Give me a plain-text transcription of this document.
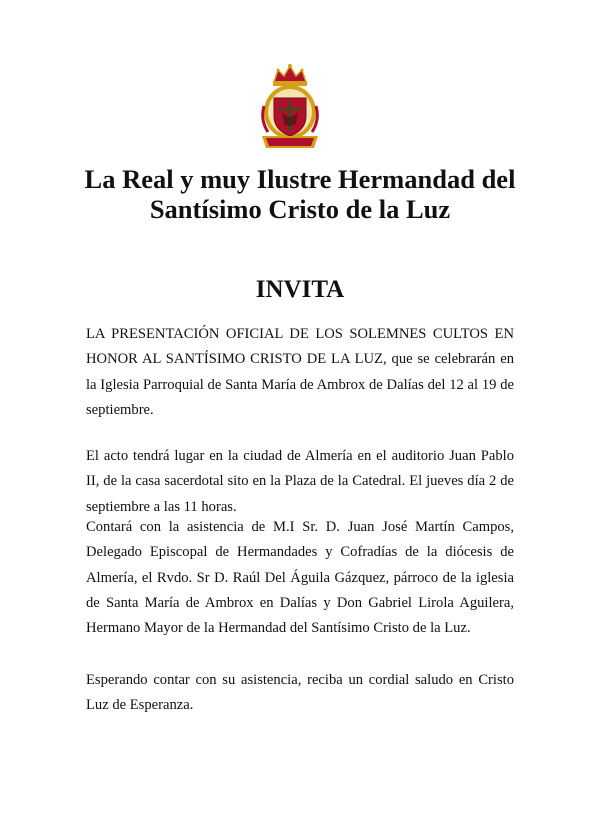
La Real y muy Ilustre Hermandad del
Santísimo Cristo de la Luz
INVITA

LA PRESENTACIÓN OFICIAL DE LOS SOLEMNES CULTOS EN HONOR AL SANTÍSIMO CRISTO DE LA LUZ, que se celebrarán en la Iglesia Parroquial de Santa María de Ambrox de Dalías del 12 al 19 de septiembre.

El acto tendrá lugar en la ciudad de Almería en el auditorio Juan Pablo II, de la casa sacerdotal sito en la Plaza de la Catedral. El jueves día 2 de septiembre a las 11 horas.

Contará con la asistencia de M.I Sr. D. Juan José Martín Campos, Delegado Episcopal de Hermandades y Cofradías de la diócesis de Almería, el Rvdo. Sr D. Raúl Del Águila Gázquez, párroco de la iglesia de Santa María de Ambrox en Dalías y Don Gabriel Lirola Aguilera, Hermano Mayor de la Hermandad del Santísimo Cristo de la Luz.

Esperando contar con su asistencia, reciba un cordial saludo en Cristo Luz de Esperanza.
